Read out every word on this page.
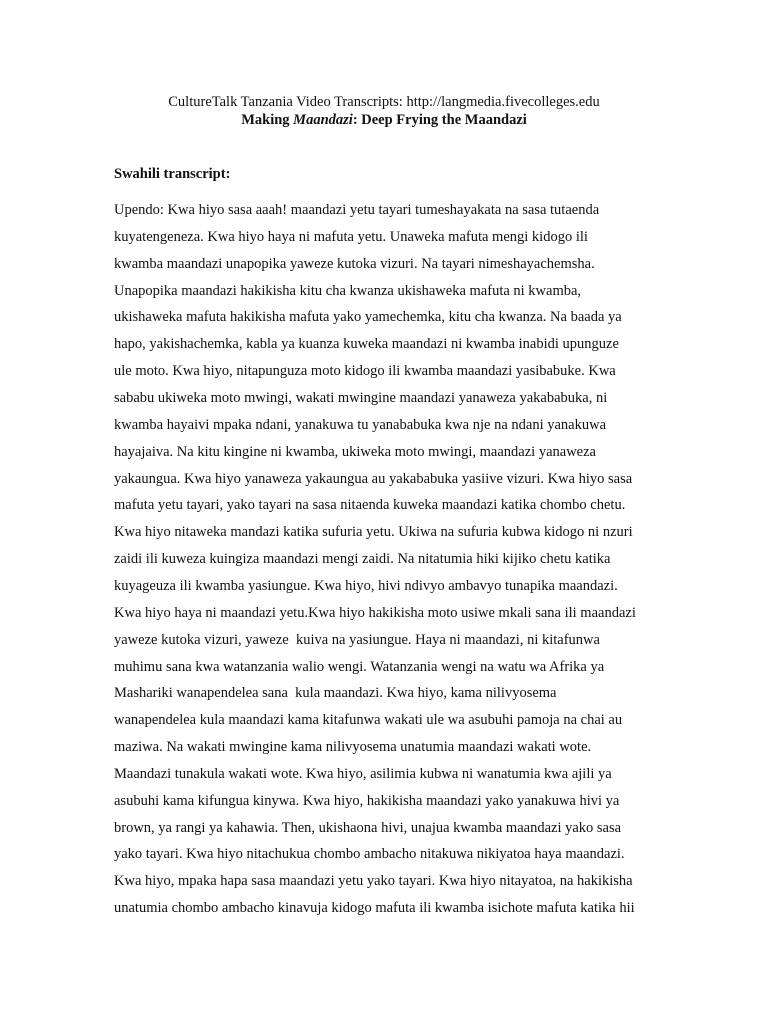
CultureTalk Tanzania Video Transcripts: http://langmedia.fivecolleges.edu
Making Maandazi: Deep Frying the Maandazi
Swahili transcript:
Upendo: Kwa hiyo sasa aaah! maandazi yetu tayari tumeshayakata na sasa tutaenda
kuyatengeneza. Kwa hiyo haya ni mafuta yetu. Unaweka mafuta mengi kidogo ili
kwamba maandazi unapopika yaweze kutoka vizuri. Na tayari nimeshayachemsha.
Unapopika maandazi hakikisha kitu cha kwanza ukishaweka mafuta ni kwamba,
ukishaweka mafuta hakikisha mafuta yako yamechemka, kitu cha kwanza. Na baada ya
hapo, yakishachemka, kabla ya kuanza kuweka maandazi ni kwamba inabidi upunguze
ule moto. Kwa hiyo, nitapunguza moto kidogo ili kwamba maandazi yasibabuke. Kwa
sababu ukiweka moto mwingi, wakati mwingine maandazi yanaweza yakababuka, ni
kwamba hayaivi mpaka ndani, yanakuwa tu yanababuka kwa nje na ndani yanakuwa
hayajaiva. Na kitu kingine ni kwamba, ukiweka moto mwingi, maandazi yanaweza
yakaungua. Kwa hiyo yanaweza yakaungua au yakababuka yasiive vizuri. Kwa hiyo sasa
mafuta yetu tayari, yako tayari na sasa nitaenda kuweka maandazi katika chombo chetu.
Kwa hiyo nitaweka mandazi katika sufuria yetu. Ukiwa na sufuria kubwa kidogo ni nzuri
zaidi ili kuweza kuingiza maandazi mengi zaidi. Na nitatumia hiki kijiko chetu katika
kuyageuza ili kwamba yasiungue. Kwa hiyo, hivi ndivyo ambavyo tunapika maandazi.
Kwa hiyo haya ni maandazi yetu.Kwa hiyo hakikisha moto usiwe mkali sana ili maandazi
yaweze kutoka vizuri, yaweze  kuiva na yasiungue. Haya ni maandazi, ni kitafunwa
muhimu sana kwa watanzania walio wengi. Watanzania wengi na watu wa Afrika ya
Mashariki wanapendelea sana  kula maandazi. Kwa hiyo, kama nilivyosema
wanapendelea kula maandazi kama kitafunwa wakati ule wa asubuhi pamoja na chai au
maziwa. Na wakati mwingine kama nilivyosema unatumia maandazi wakati wote.
Maandazi tunakula wakati wote. Kwa hiyo, asilimia kubwa ni wanatumia kwa ajili ya
asubuhi kama kifungua kinywa. Kwa hiyo, hakikisha maandazi yako yanakuwa hivi ya
brown, ya rangi ya kahawia. Then, ukishaona hivi, unajua kwamba maandazi yako sasa
yako tayari. Kwa hiyo nitachukua chombo ambacho nitakuwa nikiyatoa haya maandazi.
Kwa hiyo, mpaka hapa sasa maandazi yetu yako tayari. Kwa hiyo nitayatoa, na hakikisha
unatumia chombo ambacho kinavuja kidogo mafuta ili kwamba isichote mafuta katika hii
